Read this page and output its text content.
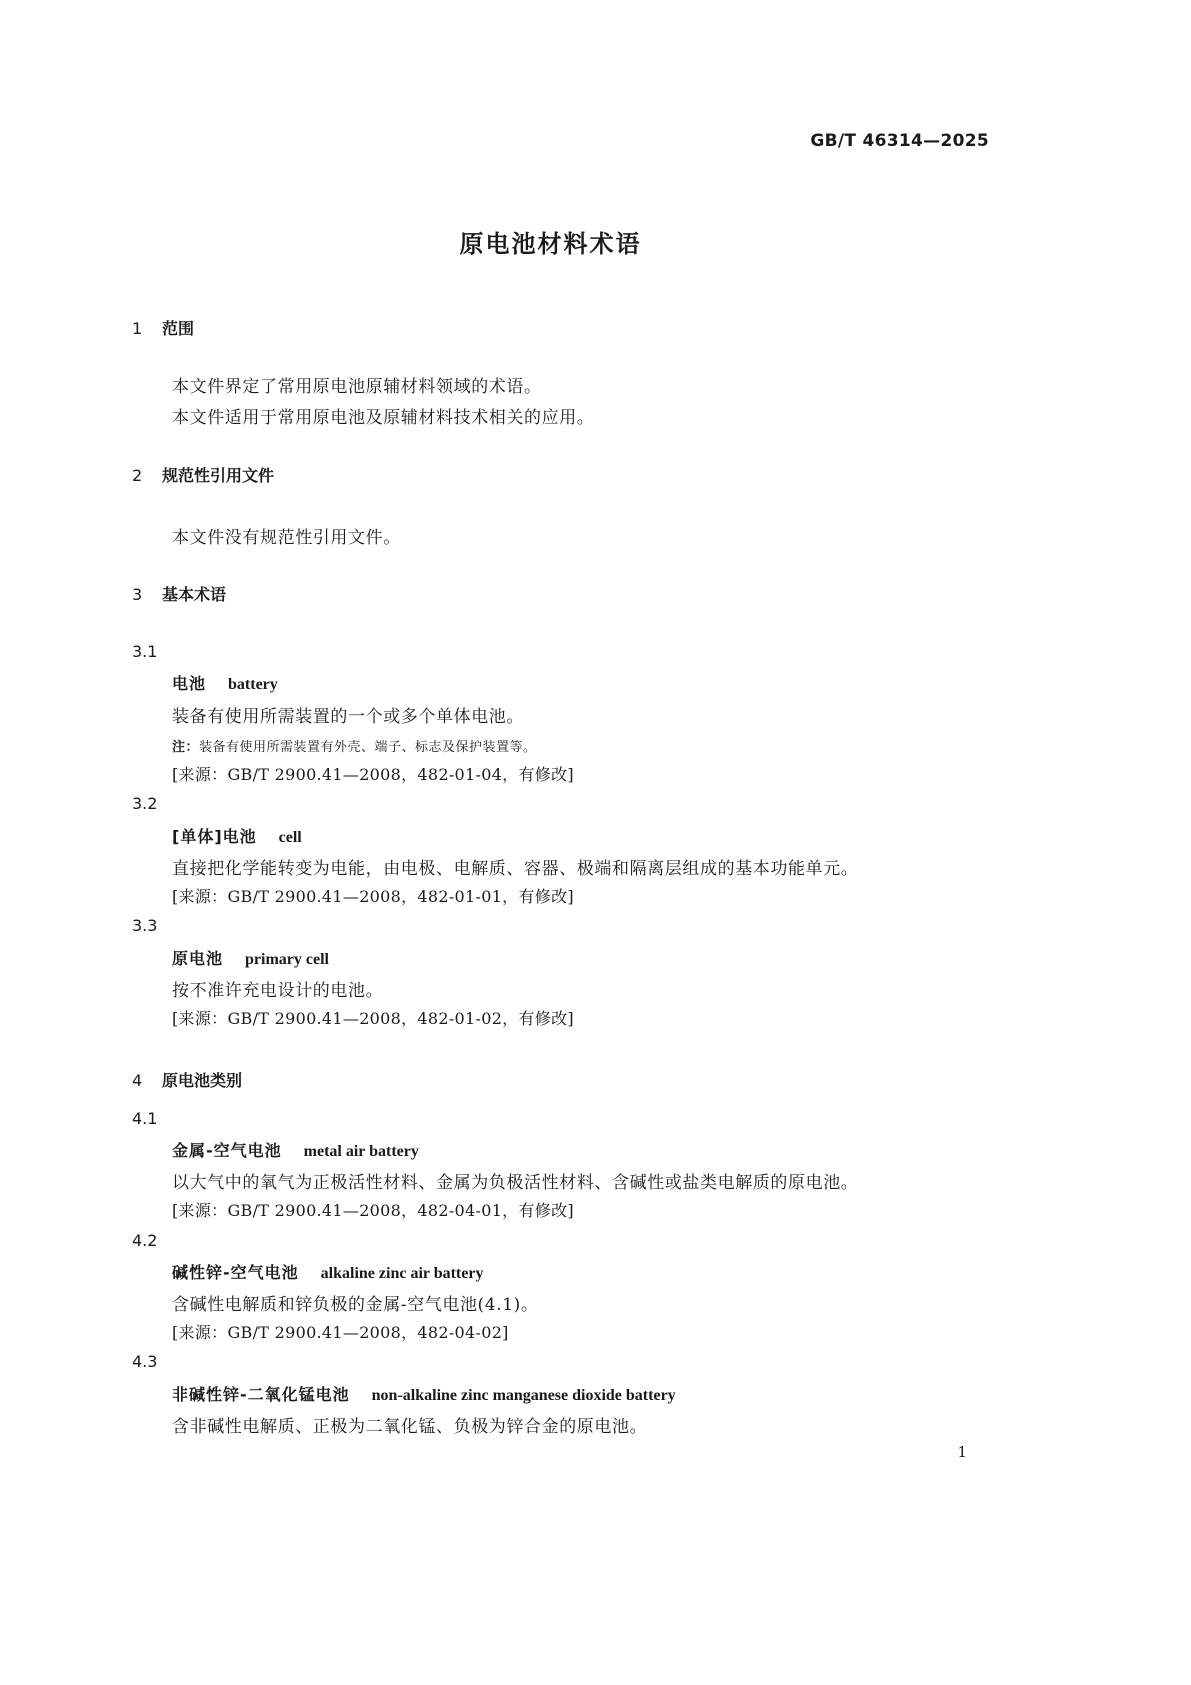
GB/T 46314—2025
原电池材料术语
1 范围
本文件界定了常用原电池原辅材料领域的术语。
本文件适用于常用原电池及原辅材料技术相关的应用。
2 规范性引用文件
本文件没有规范性引用文件。
3 基本术语
3.1
电池 battery
装备有使用所需装置的一个或多个单体电池。
注：装备有使用所需装置有外壳、端子、标志及保护装置等。
[来源：GB/T 2900.41—2008，482-01-04，有修改]
3.2
[单体]电池 cell
直接把化学能转变为电能，由电极、电解质、容器、极端和隔离层组成的基本功能单元。
[来源：GB/T 2900.41—2008，482-01-01，有修改]
3.3
原电池 primary cell
按不准许充电设计的电池。
[来源：GB/T 2900.41—2008，482-01-02，有修改]
4 原电池类别
4.1
金属-空气电池 metal air battery
以大气中的氧气为正极活性材料、金属为负极活性材料、含碱性或盐类电解质的原电池。
[来源：GB/T 2900.41—2008，482-04-01，有修改]
4.2
碱性锌-空气电池 alkaline zinc air battery
含碱性电解质和锌负极的金属-空气电池(4.1)。
[来源：GB/T 2900.41—2008，482-04-02]
4.3
非碱性锌-二氧化锰电池 non-alkaline zinc manganese dioxide battery
含非碱性电解质、正极为二氧化锰、负极为锌合金的原电池。
1
